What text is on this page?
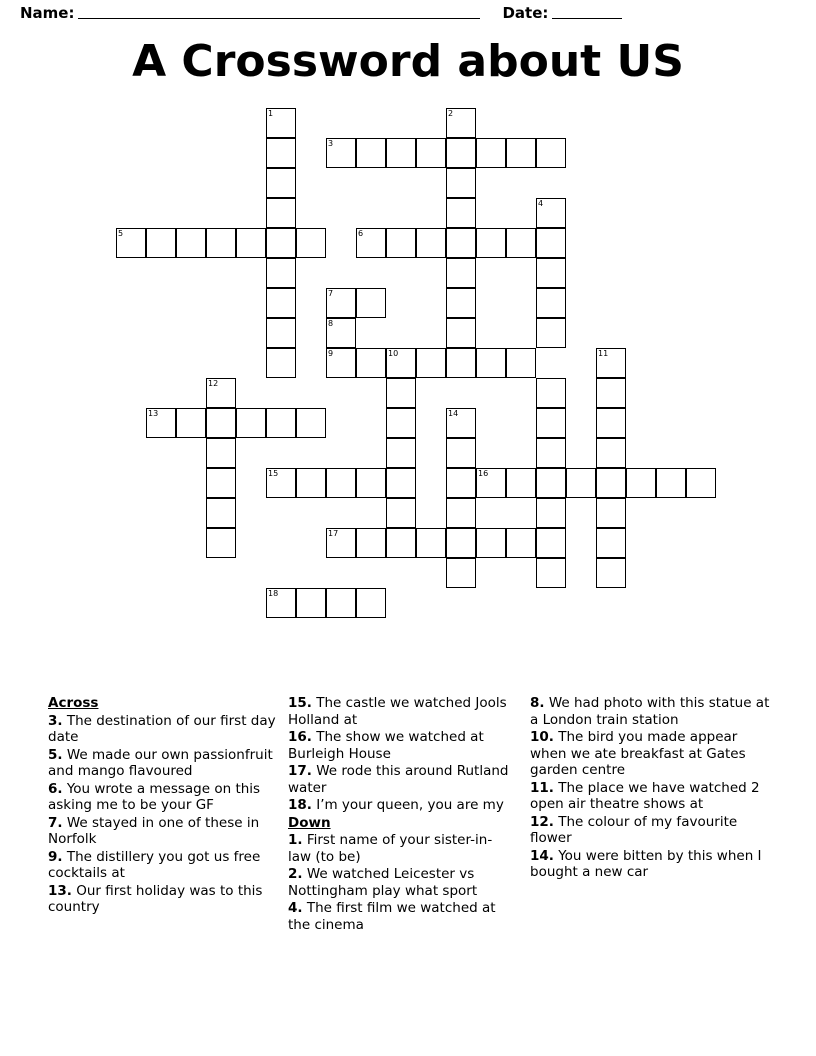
Name:	Date:
A Crossword about US
1	2
3
4
5	6
7
8
9	10	11
12
13	14
15	16
17
18
Across
3. The destination of our first day date
5. We made our own passionfruit and mango flavoured
6. You wrote a message on this asking me to be your GF
7. We stayed in one of these in Norfolk
9. The distillery you got us free cocktails at
13. Our first holiday was to this country
15. The castle we watched Jools Holland at
16. The show we watched at Burleigh House
17. We rode this around Rutland water
18. I’m your queen, you are my
Down
1. First name of your sister-in-law (to be)
2. We watched Leicester vs Nottingham play what sport
4. The first film we watched at the cinema
8. We had photo with this statue at a London train station
10. The bird you made appear when we ate breakfast at Gates garden centre
11. The place we have watched 2 open air theatre shows at
12. The colour of my favourite flower
14. You were bitten by this when I bought a new car
